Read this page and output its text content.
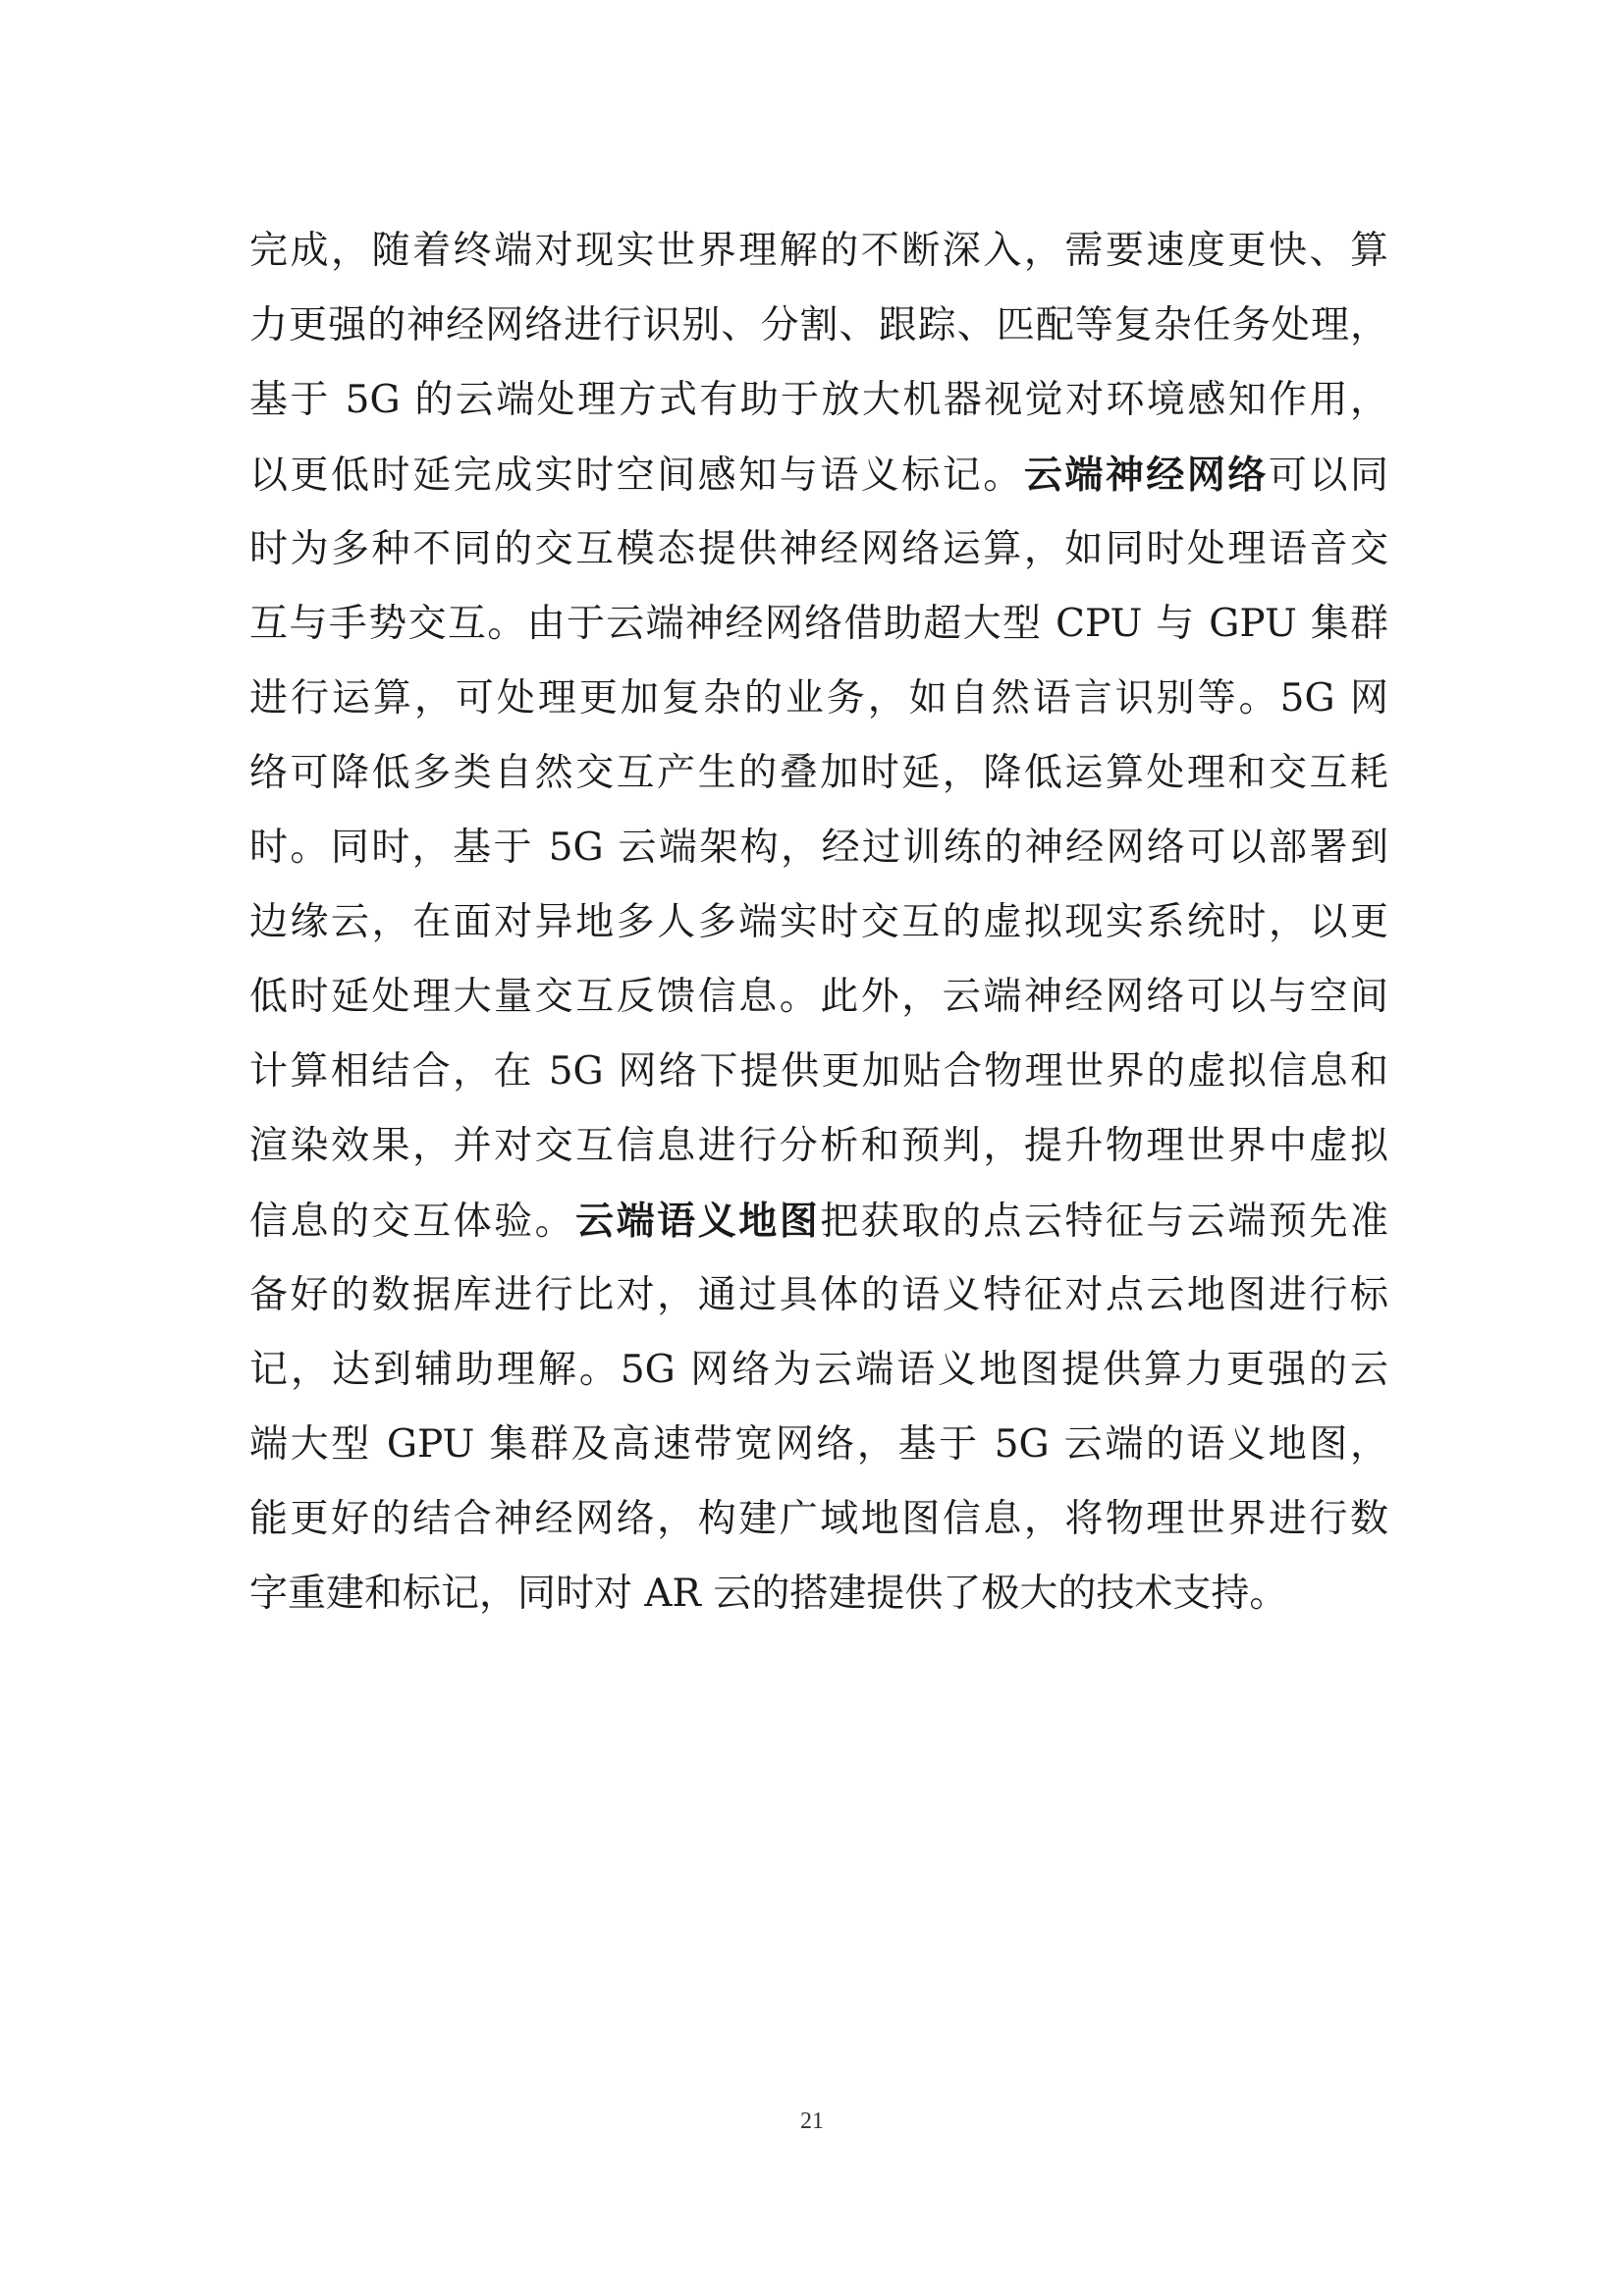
完成，随着终端对现实世界理解的不断深入，需要速度更快、算
力更强的神经网络进行识别、分割、跟踪、匹配等复杂任务处理，
基于 5G 的云端处理方式有助于放大机器视觉对环境感知作用，
以更低时延完成实时空间感知与语义标记。云端神经网络可以同
时为多种不同的交互模态提供神经网络运算，如同时处理语音交
互与手势交互。由于云端神经网络借助超大型 CPU 与 GPU 集群
进行运算，可处理更加复杂的业务，如自然语言识别等。5G 网
络可降低多类自然交互产生的叠加时延，降低运算处理和交互耗
时。同时，基于 5G 云端架构，经过训练的神经网络可以部署到
边缘云，在面对异地多人多端实时交互的虚拟现实系统时，以更
低时延处理大量交互反馈信息。此外，云端神经网络可以与空间
计算相结合，在 5G 网络下提供更加贴合物理世界的虚拟信息和
渲染效果，并对交互信息进行分析和预判，提升物理世界中虚拟
信息的交互体验。云端语义地图把获取的点云特征与云端预先准
备好的数据库进行比对，通过具体的语义特征对点云地图进行标
记，达到辅助理解。5G 网络为云端语义地图提供算力更强的云
端大型 GPU 集群及高速带宽网络，基于 5G 云端的语义地图，
能更好的结合神经网络，构建广域地图信息，将物理世界进行数
字重建和标记，同时对 AR 云的搭建提供了极大的技术支持。
21
